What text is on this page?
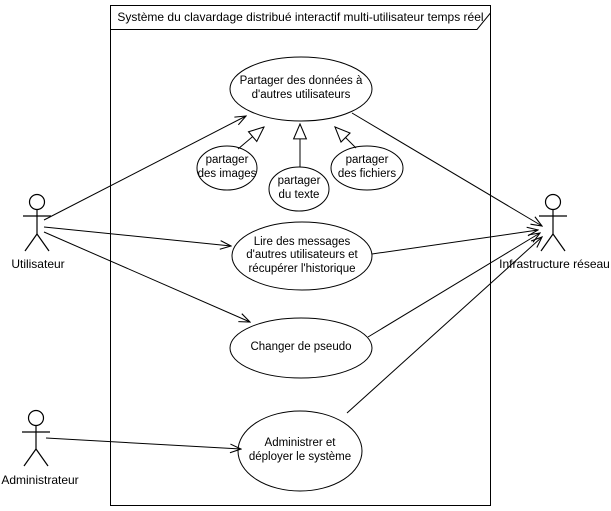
Système du clavardage distribué interactif multi-utilisateur temps réel
Partager des données à
d'autres utilisateurs
partager
des images
partager
du texte
partager
des fichiers
Lire des messages
d'autres utilisateurs et
récupérer l'historique
Changer de pseudo
Administrer et
déployer le système
Utilisateur	Infrastructure réseau
Administrateur
